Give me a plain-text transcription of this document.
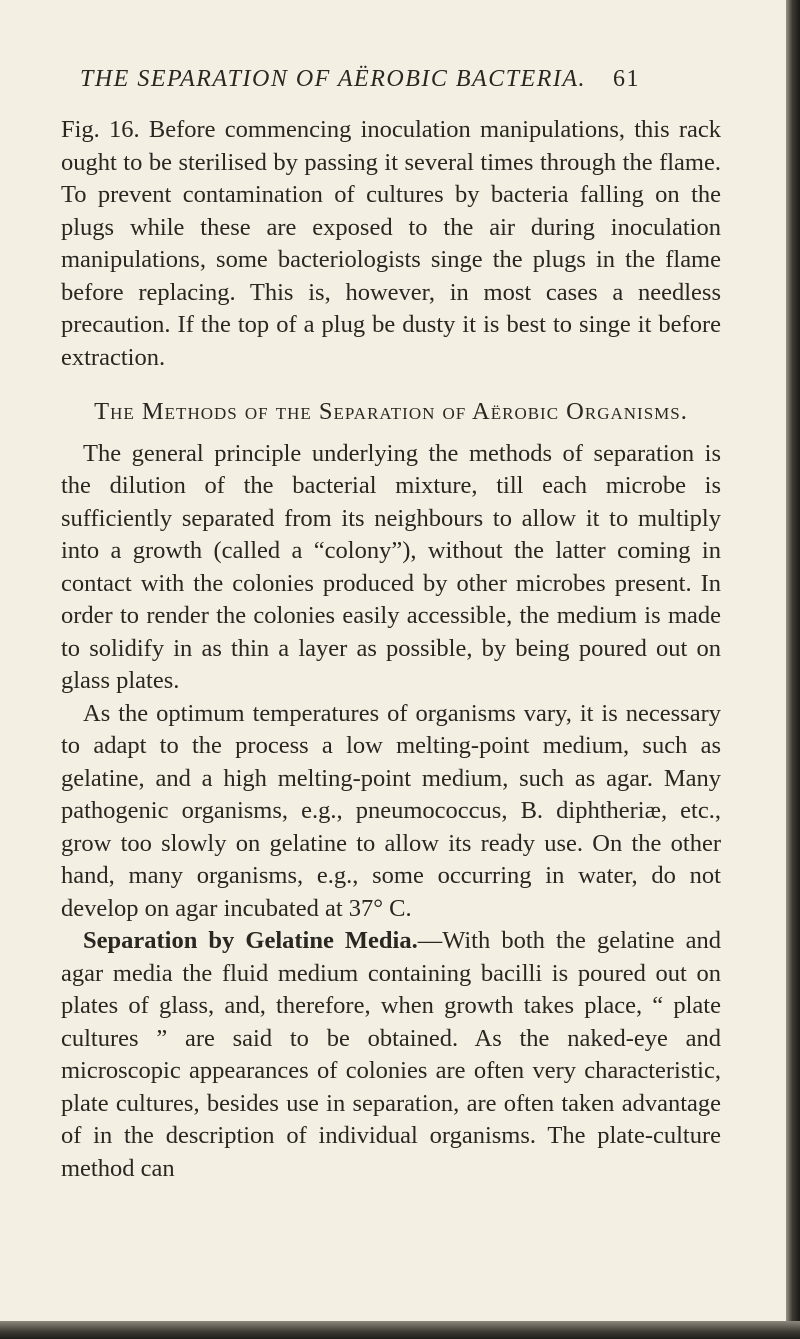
THE SEPARATION OF AËROBIC BACTERIA. 61

Fig. 16. Before commencing inoculation manipulations, this rack ought to be sterilised by passing it several times through the flame. To prevent contamination of cultures by bacteria falling on the plugs while these are exposed to the air during inoculation manipulations, some bacteriologists singe the plugs in the flame before replacing. This is, however, in most cases a needless precaution. If the top of a plug be dusty it is best to singe it before extraction.

The Methods of the Separation of Aërobic Organisms.

The general principle underlying the methods of separation is the dilution of the bacterial mixture, till each microbe is sufficiently separated from its neighbours to allow it to multiply into a growth (called a “colony”), without the latter coming in contact with the colonies produced by other microbes present. In order to render the colonies easily accessible, the medium is made to solidify in as thin a layer as possible, by being poured out on glass plates.

As the optimum temperatures of organisms vary, it is necessary to adapt to the process a low melting-point medium, such as gelatine, and a high melting-point medium, such as agar. Many pathogenic organisms, e.g., pneumococcus, B. diphtheriæ, etc., grow too slowly on gelatine to allow its ready use. On the other hand, many organisms, e.g., some occurring in water, do not develop on agar incubated at 37° C.

Separation by Gelatine Media.—With both the gelatine and agar media the fluid medium containing bacilli is poured out on plates of glass, and, therefore, when growth takes place, “ plate cultures ” are said to be obtained. As the naked-eye and microscopic appearances of colonies are often very characteristic, plate cultures, besides use in separation, are often taken advantage of in the description of individual organisms. The plate-culture method can
